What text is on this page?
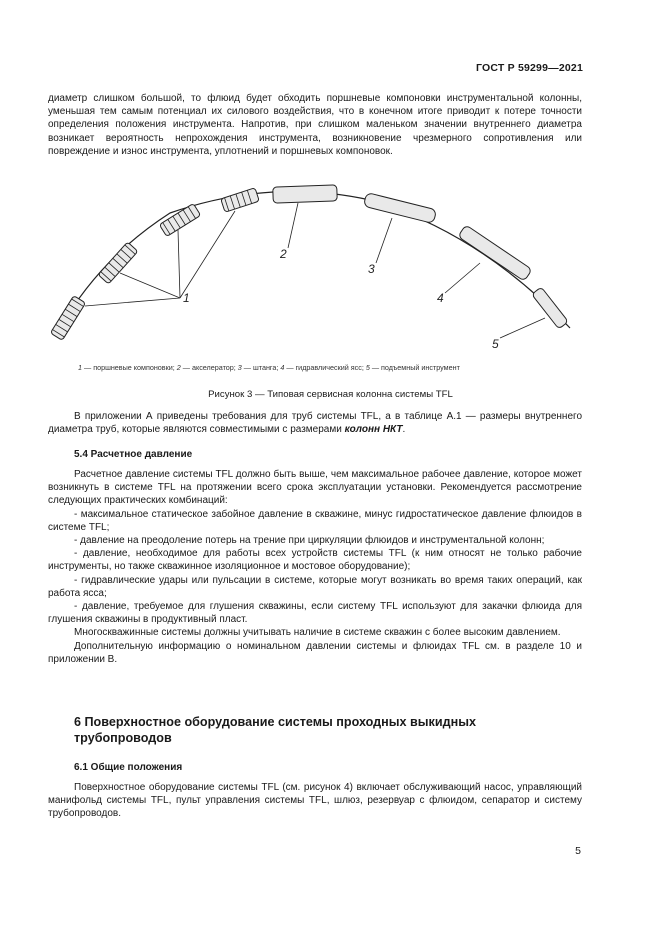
ГОСТ Р 59299—2021
диаметр слишком большой, то флюид будет обходить поршневые компоновки инструментальной колонны, уменьшая тем самым потенциал их силового воздействия, что в конечном итоге приводит к потере точности определения положения инструмента. Напротив, при слишком маленьком значении внутреннего диаметра возникает вероятность непрохождения инструмента, возникновение чрезмерного сопротивления или повреждение и износ инструмента, уплотнений и поршневых компоновок.
1
2
3
4
5
1 — поршневые компоновки; 2 — акселератор; 3 — штанга; 4 — гидравлический ясс; 5 — подъемный инструмент
Рисунок 3 — Типовая сервисная колонна системы TFL
В приложении А приведены требования для труб системы TFL, а в таблице А.1 — размеры внутреннего диаметра труб, которые являются совместимыми с размерами колонн НКТ.
5.4 Расчетное давление
Расчетное давление системы TFL должно быть выше, чем максимальное рабочее давление, которое может возникнуть в системе TFL на протяжении всего срока эксплуатации установки. Рекомендуется рассмотрение следующих практических комбинаций:
- максимальное статическое забойное давление в скважине, минус гидростатическое давление флюидов в системе TFL;
- давление на преодоление потерь на трение при циркуляции флюидов и инструментальной колонн;
- давление, необходимое для работы всех устройств системы TFL (к ним относят не только рабочие инструменты, но также скважинное изоляционное и мостовое оборудование);
- гидравлические удары или пульсации в системе, которые могут возникать во время таких операций, как работа ясса;
- давление, требуемое для глушения скважины, если систему TFL используют для закачки флюида для глушения скважины в продуктивный пласт.
Многоскважинные системы должны учитывать наличие в системе скважин с более высоким давлением.
Дополнительную информацию о номинальном давлении системы и флюидах TFL см. в разделе 10 и приложении В.
6 Поверхностное оборудование системы проходных выкидных трубопроводов
6.1 Общие положения
Поверхностное оборудование системы TFL (см. рисунок 4) включает обслуживающий насос, управляющий манифольд системы TFL, пульт управления системы TFL, шлюз, резервуар с флюидом, сепаратор и систему трубопроводов.
5
